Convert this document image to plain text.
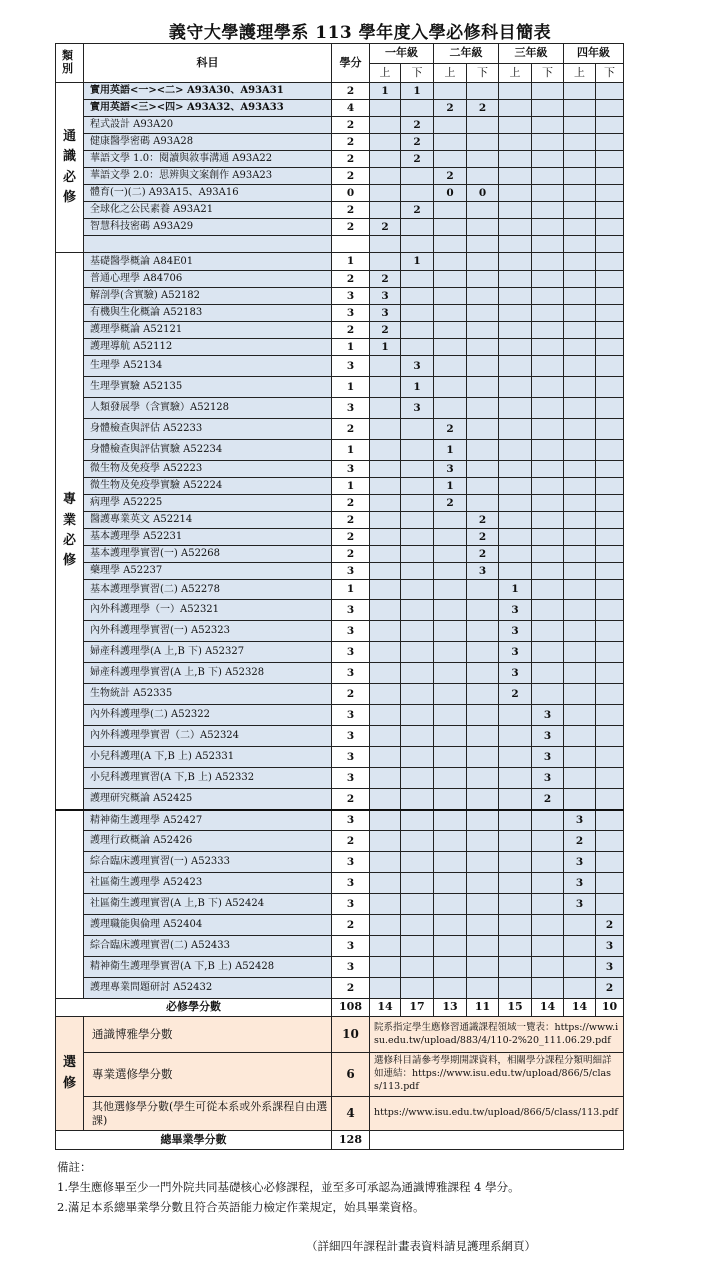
義守大學護理學系 113 學年度入學必修科目簡表
類別	科目	學分	一年級		二年級		三年級		四年級	
			上	下	上	下	上	下	上	下
通識必修	實用英語<一><二> A93A30、A93A31	2	1	1						
	實用英語<三><四> A93A32、A93A33	4			2	2				
	程式設計 A93A20	2		2						
	健康醫學密碼 A93A28	2		2						
	華語文學 1.0：閱讀與敘事溝通 A93A22	2		2						
	華語文學 2.0：思辨與文案創作 A93A23	2			2					
	體育(一)(二) A93A15、A93A16	0			0	0				
	全球化之公民素養 A93A21	2		2						
	智慧科技密碼 A93A29	2	2							

專業必修	基礎醫學概論 A84E01	1		1						
	普通心理學 A84706	2	2							
	解剖學(含實驗) A52182	3	3							
	有機與生化概論 A52183	3	3							
	護理學概論 A52121	2	2							
	護理導航 A52112	1	1							
	生理學 A52134	3		3						
	生理學實驗 A52135	1		1						
	人類發展學（含實驗）A52128	3		3						
	身體檢查與評估 A52233	2			2					
	身體檢查與評估實驗 A52234	1			1					
	微生物及免疫學 A52223	3			3					
	微生物及免疫學實驗 A52224	1			1					
	病理學 A52225	2			2					
	醫護專業英文 A52214	2				2				
	基本護理學 A52231	2				2				
	基本護理學實習(一) A52268	2				2				
	藥理學 A52237	3				3				
	基本護理學實習(二) A52278	1					1			
	內外科護理學（一）A52321	3					3			
	內外科護理學實習(一) A52323	3					3			
	婦產科護理學(A 上,B 下) A52327	3					3			
	婦產科護理學實習(A 上,B 下) A52328	3					3			
	生物統計 A52335	2					2			
	內外科護理學(二) A52322	3						3		
	內外科護理學實習（二）A52324	3						3		
	小兒科護理(A 下,B 上) A52331	3						3		
	小兒科護理實習(A 下,B 上) A52332	3						3		
	護理研究概論 A52425	2						2		
	精神衛生護理學 A52427	3							3	
	護理行政概論 A52426	2							2	
	綜合臨床護理實習(一) A52333	3							3	
	社區衛生護理學 A52423	3							3	
	社區衛生護理實習(A 上,B 下) A52424	3							3	
	護理職能與倫理 A52404	2								2
	綜合臨床護理實習(二) A52433	3								3
	精神衛生護理學實習(A 下,B 上) A52428	3								3
	護理專業問題研討 A52432	2								2
必修學分數		108	14	17	13	11	15	14	14	10
選修	通識博雅學分數	10	院系指定學生應修習通識課程領域一覽表：https://www.isu.edu.tw/upload/883/4/110-2%20_111.06.29.pdf							
	專業選修學分數	6	選修科目請參考學期開課資料，相關學分課程分類明細詳如連結：https://www.isu.edu.tw/upload/866/5/class/113.pdf							
	其他選修學分數(學生可從本系或外系課程自由選課)	4	https://www.isu.edu.tw/upload/866/5/class/113.pdf							
總畢業學分數		128								
備註：
1.學生應修畢至少一門外院共同基礎核心必修課程，並至多可承認為通識博雅課程 4 學分。
2.滿足本系總畢業學分數且符合英語能力檢定作業規定，始具畢業資格。
（詳細四年課程計畫表資料請見護理系網頁）
